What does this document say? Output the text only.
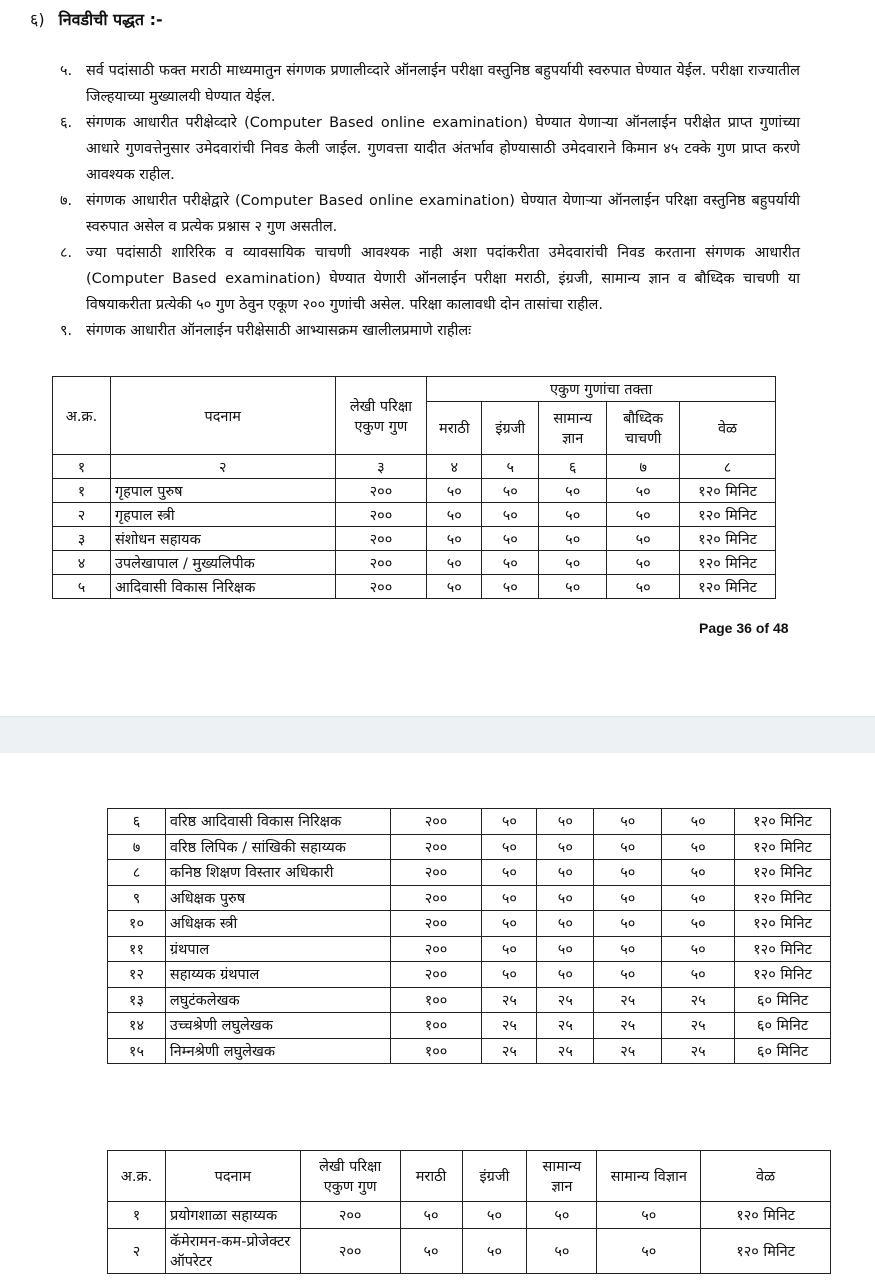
६) निवडीची पद्धत :-
५. सर्व पदांसाठी फक्त मराठी माध्यमातुन संगणक प्रणालीव्दारे ऑनलाईन परीक्षा वस्तुनिष्ठ बहुपर्यायी स्वरुपात घेण्यात येईल. परीक्षा राज्यातील जिल्हयाच्या मुख्यालयी घेण्यात येईल.
६. संगणक आधारीत परीक्षेव्दारे (Computer Based online examination) घेण्यात येणाऱ्या ऑनलाईन परीक्षेत प्राप्त गुणांच्या आधारे गुणवत्तेनुसार उमेदवारांची निवड केली जाईल. गुणवत्ता यादीत अंतर्भाव होण्यासाठी उमेदवाराने किमान ४५ टक्के गुण प्राप्त करणे आवश्यक राहील.
७. संगणक आधारीत परीक्षेद्वारे (Computer Based online examination) घेण्यात येणाऱ्या ऑनलाईन परिक्षा वस्तुनिष्ठ बहुपर्यायी स्वरुपात असेल व प्रत्येक प्रश्नास २ गुण असतील.
८. ज्या पदांसाठी शारिरिक व व्यावसायिक चाचणी आवश्यक नाही अशा पदांकरीता उमेदवारांची निवड करताना संगणक आधारीत (Computer Based examination) घेण्यात येणारी ऑनलाईन परीक्षा मराठी, इंग्रजी, सामान्य ज्ञान व बौध्दिक चाचणी या विषयाकरीता प्रत्येकी ५० गुण ठेवुन एकूण २०० गुणांची असेल. परिक्षा कालावधी दोन तासांचा राहील.
९. संगणक आधारीत ऑनलाईन परीक्षेसाठी आभ्यासक्रम खालीलप्रमाणे राहीलः
अ.क्र.	पदनाम	लेखी परिक्षा एकुण गुण	एकुण गुणांचा तक्ता				
			मराठी	इंग्रजी	सामान्य ज्ञान	बौध्दिक चाचणी	वेळ
१	२	३	४	५	६	७	८
१	गृहपाल पुरुष	२००	५०	५०	५०	५०	१२० मिनिट
२	गृहपाल स्त्री	२००	५०	५०	५०	५०	१२० मिनिट
३	संशोधन सहायक	२००	५०	५०	५०	५०	१२० मिनिट
४	उपलेखापाल / मुख्यलिपीक	२००	५०	५०	५०	५०	१२० मिनिट
५	आदिवासी विकास निरिक्षक	२००	५०	५०	५०	५०	१२० मिनिट
Page 36 of 48
६	वरिष्ठ आदिवासी विकास निरिक्षक	२००	५०	५०	५०	५०	१२० मिनिट
७	वरिष्ठ लिपिक / सांखिकी सहाय्यक	२००	५०	५०	५०	५०	१२० मिनिट
८	कनिष्ठ शिक्षण विस्तार अधिकारी	२००	५०	५०	५०	५०	१२० मिनिट
९	अधिक्षक पुरुष	२००	५०	५०	५०	५०	१२० मिनिट
१०	अधिक्षक स्त्री	२००	५०	५०	५०	५०	१२० मिनिट
११	ग्रंथपाल	२००	५०	५०	५०	५०	१२० मिनिट
१२	सहाय्यक ग्रंथपाल	२००	५०	५०	५०	५०	१२० मिनिट
१३	लघुटंकलेखक	१००	२५	२५	२५	२५	६० मिनिट
१४	उच्चश्रेणी लघुलेखक	१००	२५	२५	२५	२५	६० मिनिट
१५	निम्नश्रेणी लघुलेखक	१००	२५	२५	२५	२५	६० मिनिट
अ.क्र.	पदनाम	लेखी परिक्षा एकुण गुण	मराठी	इंग्रजी	सामान्य ज्ञान	सामान्य विज्ञान	वेळ
१	प्रयोगशाळा सहाय्यक	२००	५०	५०	५०	५०	१२० मिनिट
२	कॅमेरामन-कम-प्रोजेक्टर ऑपरेटर	२००	५०	५०	५०	५०	१२० मिनिट
